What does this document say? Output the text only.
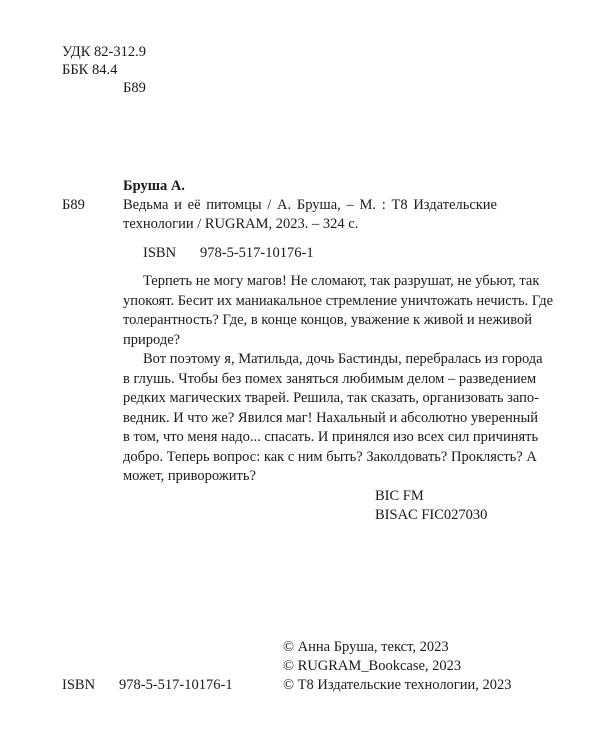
УДК 82-312.9
ББК 84.4
Б89
Бруша А.
Б89	Ведьма и её питомцы / А. Бруша, – М. : Т8 Издательские
технологии / RUGRAM, 2023. – 324 с.
ISBN 978-5-517-10176-1
Терпеть не могу магов! Не сломают, так разрушат, не убьют, так
упокоят. Бесит их маниакальное стремление уничтожать нечисть. Где
толерантность? Где, в конце концов, уважение к живой и неживой
природе?
Вот поэтому я, Матильда, дочь Бастинды, перебралась из города
в глушь. Чтобы без помех заняться любимым делом – разведением
редких магических тварей. Решила, так сказать, организовать запо-
ведник. И что же? Явился маг! Нахальный и абсолютно уверенный
в том, что меня надо... спасать. И принялся изо всех сил причинять
добро. Теперь вопрос: как с ним быть? Заколдовать? Проклясть? А
может, приворожить?
BIC FM
BISAC FIC027030
© Анна Бруша, текст, 2023
© RUGRAM_Bookcase, 2023
ISBN 978-5-517-10176-1	© Т8 Издательские технологии, 2023
